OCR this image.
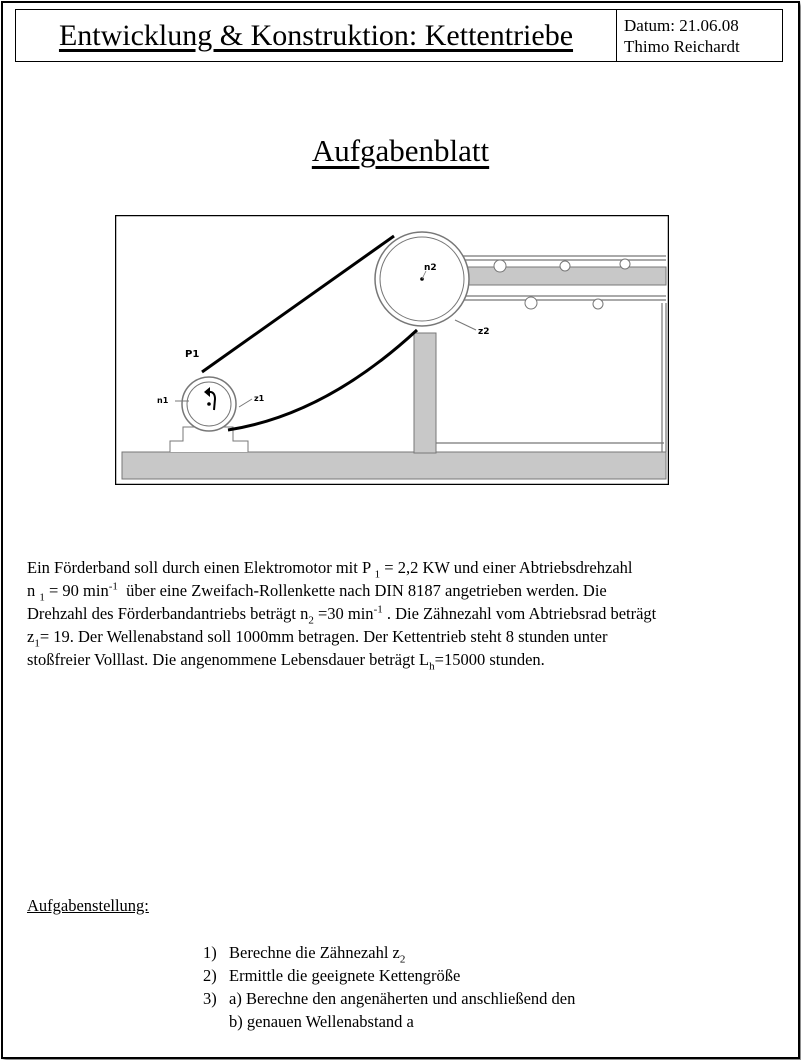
Entwicklung & Konstruktion: Kettentriebe	Datum: 21.06.08
Thimo Reichardt
Aufgabenblatt
P1
n1	z1
n2
z2

Ein Förderband soll durch einen Elektromotor mit P $_1$ = 2,2 KW und einer Abtriebsdrehzahl

n $_1$ = 90 $\min^{-1}$ über eine Zweifach-Rollenkette nach DIN 8187 angetrieben werden. Die

Drehzahl des Förderbandantriebs beträgt $n_2 =30$ $\min^{-1}$ . Die Zähnezahl vom Abtriebsrad beträgt

$z_1= 19$. Der Wellenabstand soll 1000mm betragen. Der Kettentrieb steht 8 stunden unter

stoßfreier Volllast. Die angenommene Lebensdauer beträgt $L_h=15000$ stunden.

Aufgabenstellung:
1) Berechne die Zähnezahl $z_2$
2) Ermittle die geeignete Kettengröße
3) a) Berechne den angenäherten und anschließend den
b) genauen Wellenabstand a
